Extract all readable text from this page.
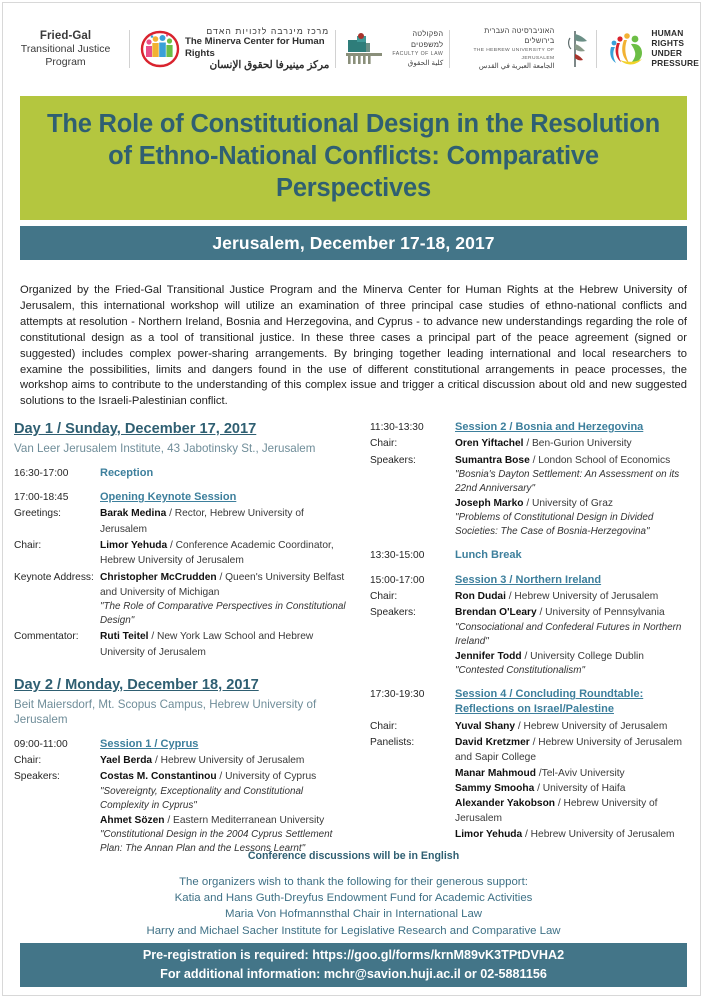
Fried-Gal
Transitional Justice Program
מרכז מינרבה לזכויות האדם
The Minerva Center for Human Rights
مركز مينيرفا لحقوق الإنسان
הפקולטה למשפטים
FACULTY OF LAW
كلية الحقوق
האוניברסיטה העברית בירושלים
THE HEBREW UNIVERSITY OF JERUSALEM
الجامعة العبرية في القدس
HUMAN
RIGHTS
UNDER
PRESSURE
The Role of Constitutional Design in the Resolution of Ethno-National Conflicts: Comparative Perspectives
Jerusalem, December 17-18, 2017
Organized by the Fried-Gal Transitional Justice Program and the Minerva Center for Human Rights at the Hebrew University of Jerusalem, this international workshop will utilize an examination of three principal case studies of ethno-national conflicts and attempts at resolution - Northern Ireland, Bosnia and Herzegovina, and Cyprus - to advance new understandings regarding the role of constitutional design as a tool of transitional justice. In these three cases a principal part of the peace agreement (signed or suggested) includes complex power-sharing arrangements. By bringing together leading international and local researchers to examine the possibilities, limits and dangers found in the use of different constitutional arrangements in peace processes, the workshop aims to contribute to the understanding of this complex issue and trigger a critical discussion about old and new suggested solutions to the Israeli-Palestinian conflict.
Day 1 / Sunday, December 17, 2017
Van Leer Jerusalem Institute, 43 Jabotinsky St., Jerusalem
16:30-17:00	Reception
17:00-18:45	Opening Keynote Session
Greetings:	Barak Medina / Rector, Hebrew University of Jerusalem
Chair:	Limor Yehuda / Conference Academic Coordinator, Hebrew University of Jerusalem
Keynote Address: Christopher McCrudden / Queen's University Belfast and University of Michigan
"The Role of Comparative Perspectives in Constitutional Design"
Commentator:	Ruti Teitel / New York Law School and Hebrew University of Jerusalem
Day 2 / Monday, December 18, 2017
Beit Maiersdorf, Mt. Scopus Campus, Hebrew University of Jerusalem
09:00-11:00	Session 1 / Cyprus
Chair:	Yael Berda / Hebrew University of Jerusalem
Speakers:	Costas M. Constantinou / University of Cyprus
"Sovereignty, Exceptionality and Constitutional Complexity in Cyprus"
Ahmet Sözen / Eastern Mediterranean University
"Constitutional Design in the 2004 Cyprus Settlement Plan: The Annan Plan and the Lessons Learnt"
11:30-13:30	Session 2 / Bosnia and Herzegovina
Chair:	Oren Yiftachel / Ben-Gurion University
Speakers:	Sumantra Bose / London School of Economics
"Bosnia's Dayton Settlement: An Assessment on its 22nd Anniversary"
Joseph Marko / University of Graz
"Problems of Constitutional Design in Divided Societies: The Case of Bosnia-Herzegovina"
13:30-15:00	Lunch Break
15:00-17:00	Session 3 / Northern Ireland
Chair:	Ron Dudai / Hebrew University of Jerusalem
Speakers:	Brendan O'Leary / University of Pennsylvania
"Consociational and Confederal Futures in Northern Ireland"
Jennifer Todd / University College Dublin
"Contested Constitutionalism"
17:30-19:30	Session 4 / Concluding Roundtable: Reflections on Israel/Palestine
Chair:	Yuval Shany / Hebrew University of Jerusalem
Panelists:	David Kretzmer / Hebrew University of Jerusalem and Sapir College
Manar Mahmoud /Tel-Aviv University
Sammy Smooha / University of Haifa
Alexander Yakobson / Hebrew University of Jerusalem
Limor Yehuda / Hebrew University of Jerusalem
Conference discussions will be in English
The organizers wish to thank the following for their generous support:
Katia and Hans Guth-Dreyfus Endowment Fund for Academic Activities
Maria Von Hofmannsthal Chair in International Law
Harry and Michael Sacher Institute for Legislative Research and Comparative Law
Pre-registration is required: https://goo.gl/forms/krnM89vK3TPtDVHA2
For additional information: mchr@savion.huji.ac.il or 02-5881156
